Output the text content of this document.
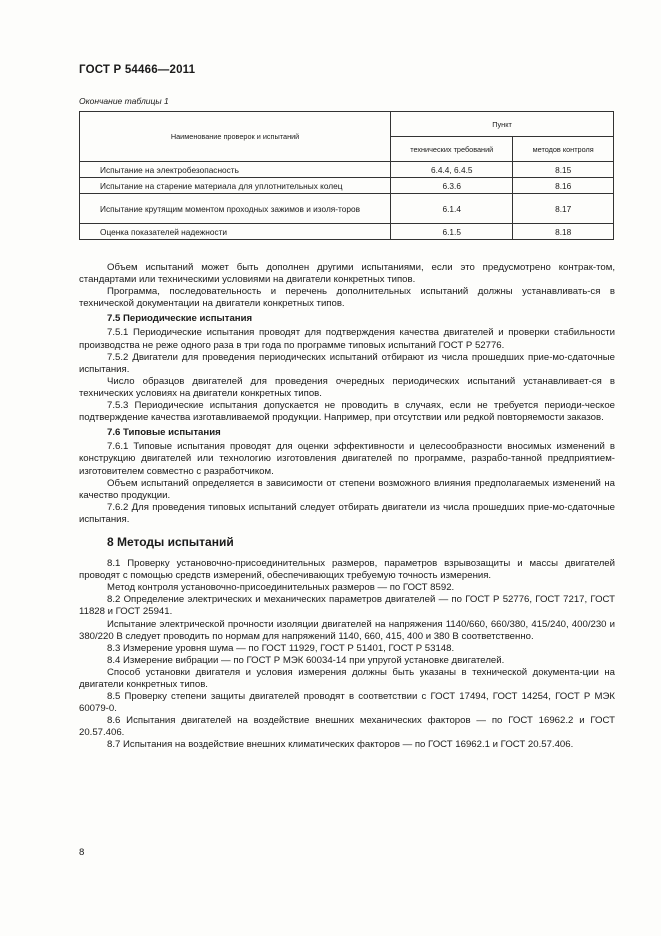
ГОСТ Р 54466—2011
Окончание таблицы 1
Наименование проверок и испытаний	Пункт	
	технических требований	методов контроля
Испытание на электробезопасность	6.4.4, 6.4.5	8.15
Испытание на старение материала для уплотнительных колец	6.3.6	8.16
Испытание крутящим моментом проходных зажимов и изоля-торов	6.1.4	8.17
Оценка показателей надежности	6.1.5	8.18

Объем испытаний может быть дополнен другими испытаниями, если это предусмотрено контрак-том, стандартами или техническими условиями на двигатели конкретных типов.

Программа, последовательность и перечень дополнительных испытаний должны устанавливать-ся в технической документации на двигатели конкретных типов.

7.5 Периодические испытания

7.5.1 Периодические испытания проводят для подтверждения качества двигателей и проверки стабильности производства не реже одного раза в три года по программе типовых испытаний ГОСТ Р 52776.

7.5.2 Двигатели для проведения периодических испытаний отбирают из числа прошедших прие-мо-сдаточные испытания.

Число образцов двигателей для проведения очередных периодических испытаний устанавливает-ся в технических условиях на двигатели конкретных типов.

7.5.3 Периодические испытания допускается не проводить в случаях, если не требуется периоди-ческое подтверждение качества изготавливаемой продукции. Например, при отсутствии или редкой повторяемости заказов.

7.6 Типовые испытания

7.6.1 Типовые испытания проводят для оценки эффективности и целесообразности вносимых изменений в конструкцию двигателей или технологию изготовления двигателей по программе, разрабо-танной предприятием-изготовителем совместно с разработчиком.

Объем испытаний определяется в зависимости от степени возможного влияния предполагаемых изменений на качество продукции.

7.6.2 Для проведения типовых испытаний следует отбирать двигатели из числа прошедших прие-мо-сдаточные испытания.

8 Методы испытаний

8.1 Проверку установочно-присоединительных размеров, параметров взрывозащиты и массы двигателей проводят с помощью средств измерений, обеспечивающих требуемую точность измерения.

Метод контроля установочно-присоединительных размеров — по ГОСТ 8592.

8.2 Определение электрических и механических параметров двигателей — по ГОСТ Р 52776, ГОСТ 7217, ГОСТ 11828 и ГОСТ 25941.

Испытание электрической прочности изоляции двигателей на напряжения 1140/660, 660/380, 415/240, 400/230 и 380/220 В следует проводить по нормам для напряжений 1140, 660, 415, 400 и 380 В соответственно.

8.3 Измерение уровня шума — по ГОСТ 11929, ГОСТ Р 51401, ГОСТ Р 53148.

8.4 Измерение вибрации — по ГОСТ Р МЭК 60034-14 при упругой установке двигателей.

Способ установки двигателя и условия измерения должны быть указаны в технической документа-ции на двигатели конкретных типов.

8.5 Проверку степени защиты двигателей проводят в соответствии с ГОСТ 17494, ГОСТ 14254, ГОСТ Р МЭК 60079-0.

8.6 Испытания двигателей на воздействие внешних механических факторов — по ГОСТ 16962.2 и ГОСТ 20.57.406.

8.7 Испытания на воздействие внешних климатических факторов — по ГОСТ 16962.1 и ГОСТ 20.57.406.

8
